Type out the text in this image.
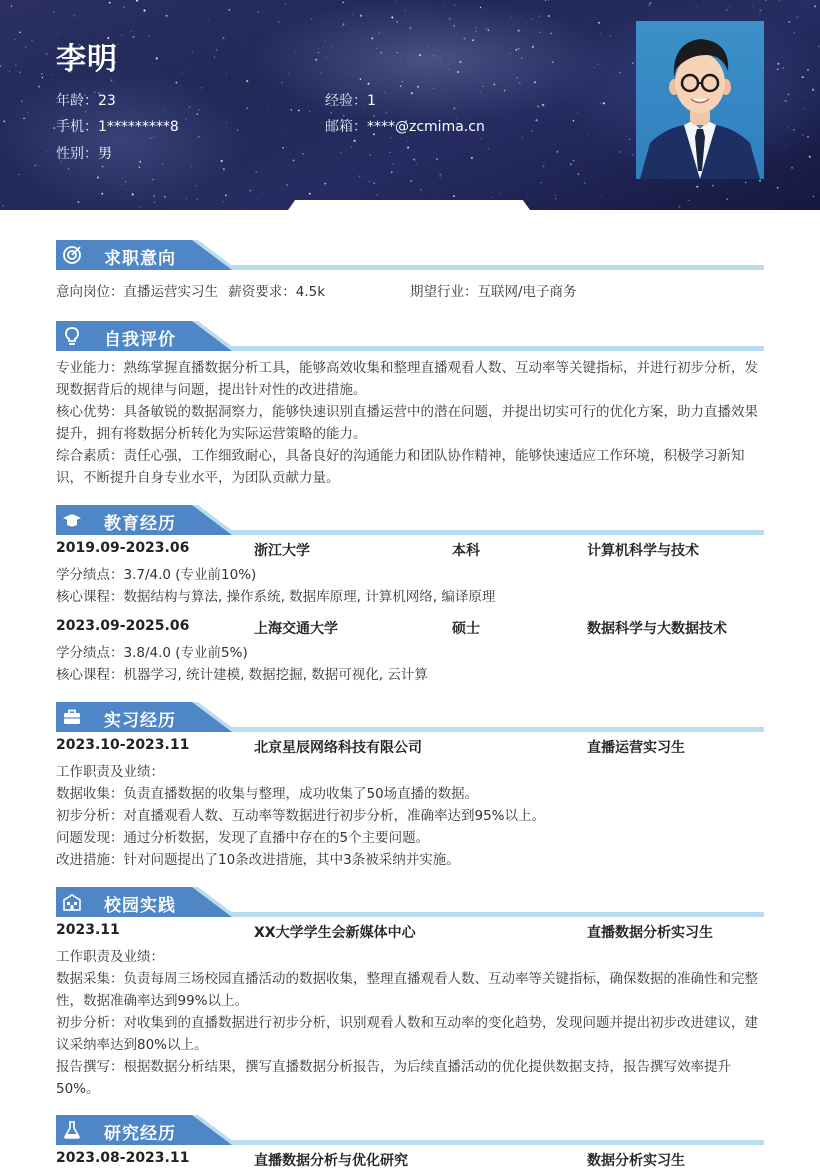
李明
年龄：23	经验：1
手机：1*********8	邮箱：****@zcmima.cn
性别：男
求职意向
意向岗位：直播运营实习生 薪资要求：4.5k	期望行业：互联网/电子商务
自我评价

专业能力：熟练掌握直播数据分析工具，能够高效收集和整理直播观看人数、互动率等关键指标，并进行初步分析，发现数据背后的规律与问题，提出针对性的改进措施。

核心优势：具备敏锐的数据洞察力，能够快速识别直播运营中的潜在问题，并提出切实可行的优化方案，助力直播效果提升，拥有将数据分析转化为实际运营策略的能力。

综合素质：责任心强，工作细致耐心，具备良好的沟通能力和团队协作精神，能够快速适应工作环境，积极学习新知识，不断提升自身专业水平，为团队贡献力量。

教育经历
2019.09-2023.06	浙江大学	本科	计算机科学与技术

学分绩点：3.7/4.0 (专业前10%)

核心课程：数据结构与算法, 操作系统, 数据库原理, 计算机网络, 编译原理

2023.09-2025.06	上海交通大学	硕士	数据科学与大数据技术

学分绩点：3.8/4.0 (专业前5%)

核心课程：机器学习, 统计建模, 数据挖掘, 数据可视化, 云计算

实习经历
2023.10-2023.11	北京星辰网络科技有限公司	直播运营实习生

工作职责及业绩：

数据收集：负责直播数据的收集与整理，成功收集了50场直播的数据。

初步分析：对直播观看人数、互动率等数据进行初步分析，准确率达到95%以上。

问题发现：通过分析数据，发现了直播中存在的5个主要问题。

改进措施：针对问题提出了10条改进措施，其中3条被采纳并实施。

校园实践
2023.11	XX大学学生会新媒体中心	直播数据分析实习生

工作职责及业绩：

数据采集：负责每周三场校园直播活动的数据收集，整理直播观看人数、互动率等关键指标，确保数据的准确性和完整性，数据准确率达到99%以上。

初步分析：对收集到的直播数据进行初步分析，识别观看人数和互动率的变化趋势，发现问题并提出初步改进建议，建议采纳率达到80%以上。

报告撰写：根据数据分析结果，撰写直播数据分析报告，为后续直播活动的优化提供数据支持，报告撰写效率提升50%。

研究经历
2023.08-2023.11	直播数据分析与优化研究	数据分析实习生
